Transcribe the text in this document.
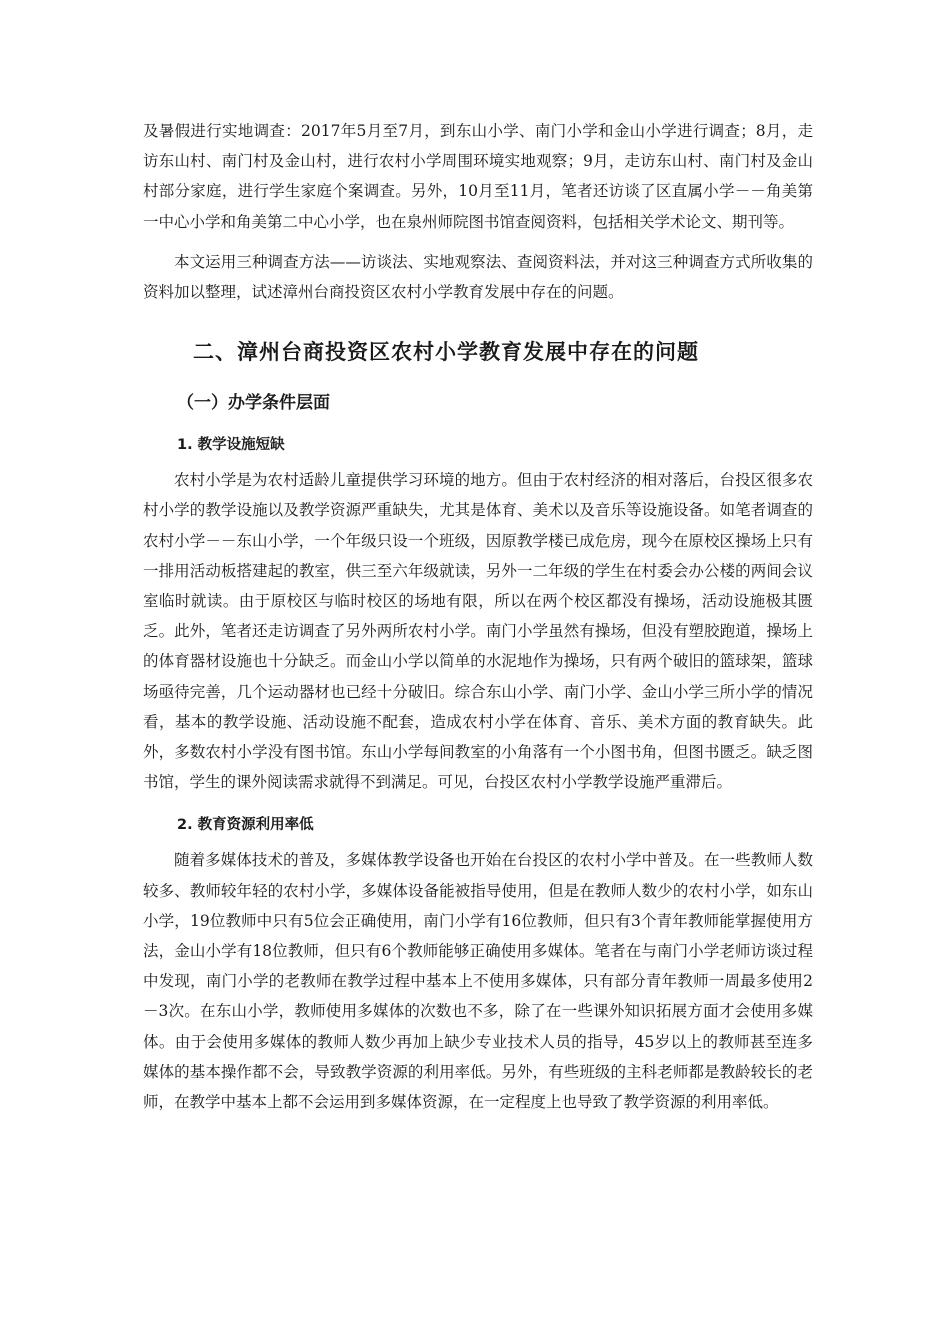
及暑假进行实地调查：2017年5月至7月，到东山小学、南门小学和金山小学进行调查；8月，走访东山村、南门村及金山村，进行农村小学周围环境实地观察；9月，走访东山村、南门村及金山村部分家庭，进行学生家庭个案调查。另外，10月至11月，笔者还访谈了区直属小学－－角美第一中心小学和角美第二中心小学，也在泉州师院图书馆查阅资料，包括相关学术论文、期刊等。

本文运用三种调查方法——访谈法、实地观察法、查阅资料法，并对这三种调查方式所收集的资料加以整理，试述漳州台商投资区农村小学教育发展中存在的问题。

二、漳州台商投资区农村小学教育发展中存在的问题
（一）办学条件层面
1. 教学设施短缺

农村小学是为农村适龄儿童提供学习环境的地方。但由于农村经济的相对落后，台投区很多农村小学的教学设施以及教学资源严重缺失，尤其是体育、美术以及音乐等设施设备。如笔者调查的农村小学－－东山小学，一个年级只设一个班级，因原教学楼已成危房，现今在原校区操场上只有一排用活动板搭建起的教室，供三至六年级就读，另外一二年级的学生在村委会办公楼的两间会议室临时就读。由于原校区与临时校区的场地有限，所以在两个校区都没有操场，活动设施极其匮乏。此外，笔者还走访调查了另外两所农村小学。南门小学虽然有操场，但没有塑胶跑道，操场上的体育器材设施也十分缺乏。而金山小学以简单的水泥地作为操场，只有两个破旧的篮球架，篮球场亟待完善，几个运动器材也已经十分破旧。综合东山小学、南门小学、金山小学三所小学的情况看，基本的教学设施、活动设施不配套，造成农村小学在体育、音乐、美术方面的教育缺失。此外，多数农村小学没有图书馆。东山小学每间教室的小角落有一个小图书角，但图书匮乏。缺乏图书馆，学生的课外阅读需求就得不到满足。可见，台投区农村小学教学设施严重滞后。

2. 教育资源利用率低

随着多媒体技术的普及，多媒体教学设备也开始在台投区的农村小学中普及。在一些教师人数较多、教师较年轻的农村小学，多媒体设备能被指导使用，但是在教师人数少的农村小学，如东山小学，19位教师中只有5位会正确使用，南门小学有16位教师，但只有3个青年教师能掌握使用方法，金山小学有18位教师，但只有6个教师能够正确使用多媒体。笔者在与南门小学老师访谈过程中发现，南门小学的老教师在教学过程中基本上不使用多媒体，只有部分青年教师一周最多使用2－3次。在东山小学，教师使用多媒体的次数也不多，除了在一些课外知识拓展方面才会使用多媒体。由于会使用多媒体的教师人数少再加上缺少专业技术人员的指导，45岁以上的教师甚至连多媒体的基本操作都不会，导致教学资源的利用率低。另外，有些班级的主科老师都是教龄较长的老师，在教学中基本上都不会运用到多媒体资源，在一定程度上也导致了教学资源的利用率低。
